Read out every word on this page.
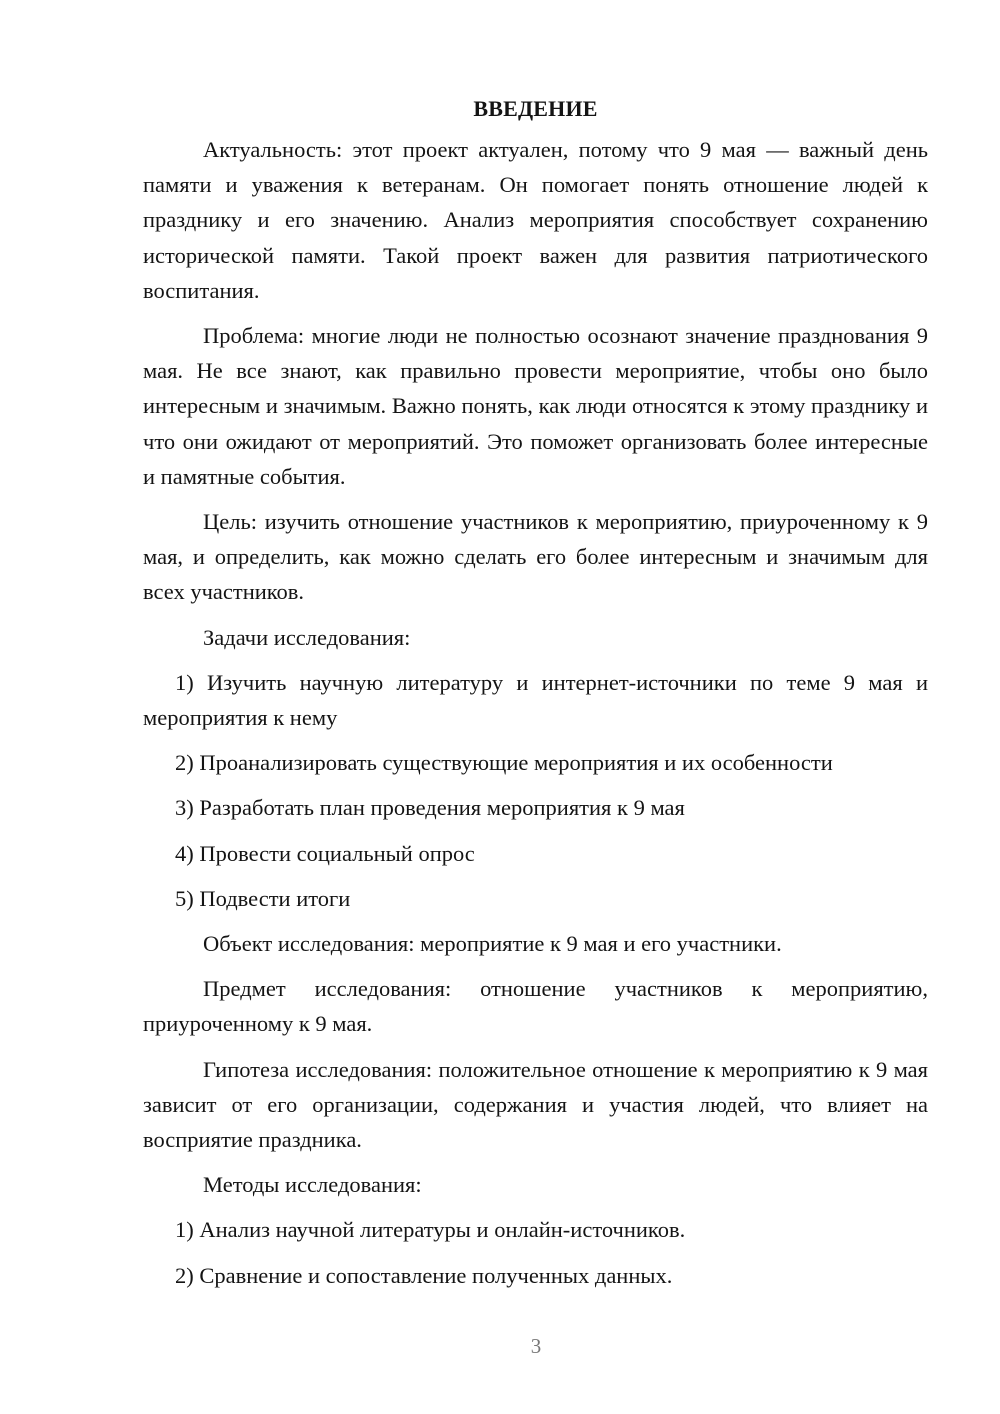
ВВЕДЕНИЕ

Актуальность: этот проект актуален, потому что 9 мая — важный день памяти и уважения к ветеранам. Он помогает понять отношение людей к празднику и его значению. Анализ мероприятия способствует сохранению исторической памяти. Такой проект важен для развития патриотического воспитания.

Проблема: многие люди не полностью осознают значение празднования 9 мая. Не все знают, как правильно провести мероприятие, чтобы оно было интересным и значимым. Важно понять, как люди относятся к этому празднику и что они ожидают от мероприятий. Это поможет организовать более интересные и памятные события.

Цель: изучить отношение участников к мероприятию, приуроченному к 9 мая, и определить, как можно сделать его более интересным и значимым для всех участников.

Задачи исследования:

1) Изучить научную литературу и интернет-источники по теме 9 мая и мероприятия к нему

2) Проанализировать существующие мероприятия и их особенности

3) Разработать план проведения мероприятия к 9 мая

4) Провести социальный опрос

5) Подвести итоги

Объект исследования: мероприятие к 9 мая и его участники.

Предмет исследования: отношение участников к мероприятию, приуроченному к 9 мая.

Гипотеза исследования: положительное отношение к мероприятию к 9 мая зависит от его организации, содержания и участия людей, что влияет на восприятие праздника.

Методы исследования:

1) Анализ научной литературы и онлайн-источников.

2) Сравнение и сопоставление полученных данных.

3
